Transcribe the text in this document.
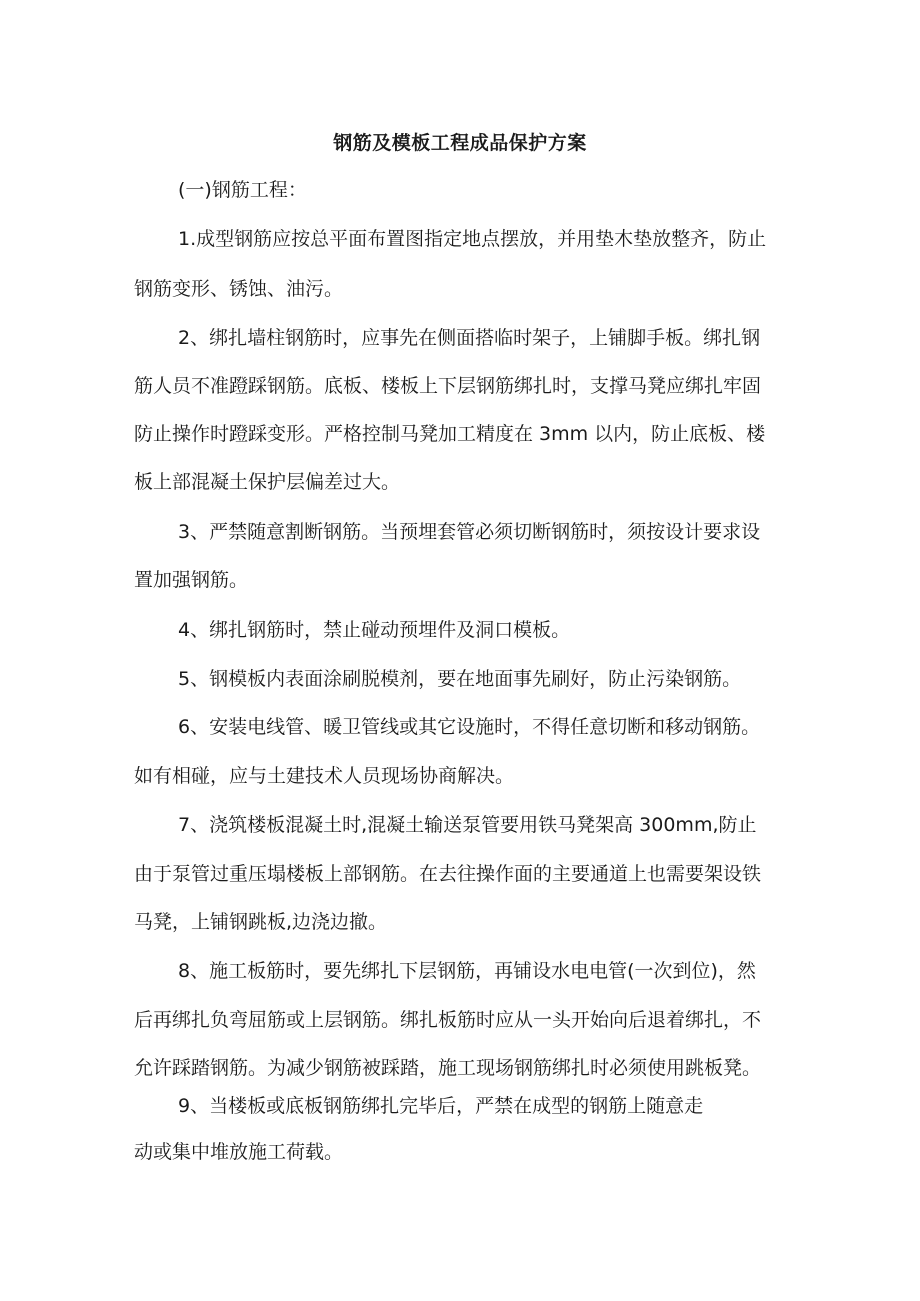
钢筋及模板工程成品保护方案
(一)钢筋工程：
1.成型钢筋应按总平面布置图指定地点摆放，并用垫木垫放整齐，防止
钢筋变形、锈蚀、油污。
2、绑扎墙柱钢筋时，应事先在侧面搭临时架子，上铺脚手板。绑扎钢
筋人员不准蹬踩钢筋。底板、楼板上下层钢筋绑扎时，支撑马凳应绑扎牢固
防止操作时蹬踩变形。严格控制马凳加工精度在 3mm 以内，防止底板、楼
板上部混凝土保护层偏差过大。
3、严禁随意割断钢筋。当预埋套管必须切断钢筋时，须按设计要求设
置加强钢筋。
4、绑扎钢筋时，禁止碰动预埋件及洞口模板。
5、钢模板内表面涂刷脱模剂，要在地面事先刷好，防止污染钢筋。
6、安装电线管、暖卫管线或其它设施时，不得任意切断和移动钢筋。
如有相碰，应与土建技术人员现场协商解决。
7、浇筑楼板混凝土时,混凝土输送泵管要用铁马凳架高 300mm,防止
由于泵管过重压塌楼板上部钢筋。在去往操作面的主要通道上也需要架设铁
马凳，上铺钢跳板,边浇边撤。
8、施工板筋时，要先绑扎下层钢筋，再铺设水电电管(一次到位)，然
后再绑扎负弯屈筋或上层钢筋。绑扎板筋时应从一头开始向后退着绑扎，不
允许踩踏钢筋。为减少钢筋被踩踏，施工现场钢筋绑扎时必须使用跳板凳。
9、当楼板或底板钢筋绑扎完毕后，严禁在成型的钢筋上随意走
动或集中堆放施工荷载。
